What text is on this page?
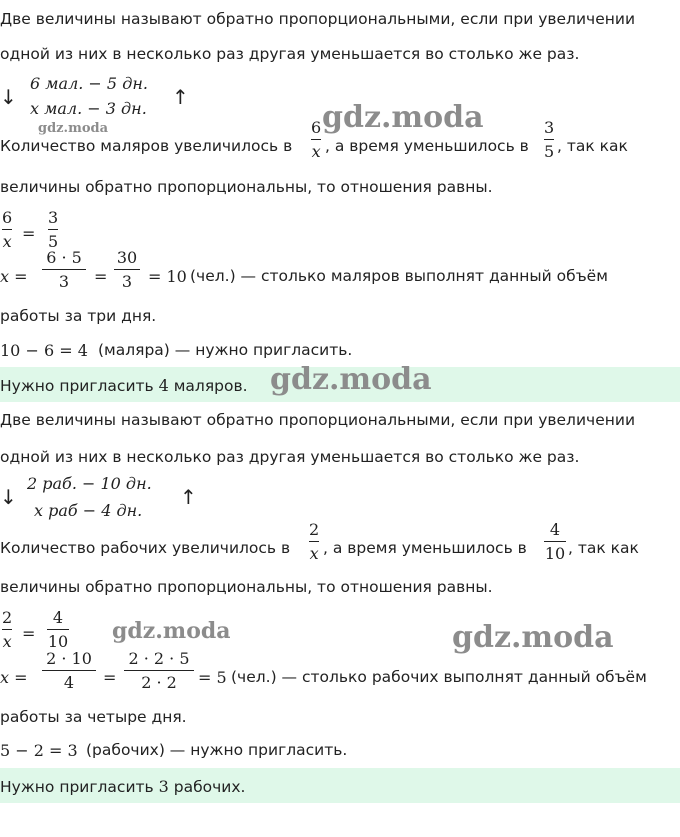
Две величины называют обратно пропорциональными, если при увеличении
одной из них в несколько раз другая уменьшается во столько же раз.
↓
6 мал. − 5 дн.
x мал. − 3 дн. ↑
gdz.moda	gdz.moda
Количество маляров увеличилось в
6
x , а время уменьшилось в
3
5 , так как
величины обратно пропорциональны, то отношения равны.
6
x =
3
5
x =
6 · 5
3	=
30
3 = 10 (чел.) — столько маляров выполнят данный объём
работы за три дня.
10 − 6 = 4 (маляра) — нужно пригласить.
Нужно пригласить 4 маляров. gdz.moda
Две величины называют обратно пропорциональными, если при увеличении
одной из них в несколько раз другая уменьшается во столько же раз.
↓
2 раб. − 10 дн.
x раб − 4 дн.
↑
Количество рабочих увеличилось в
2
x , а время уменьшилось в
4
10 , так как
величины обратно пропорциональны, то отношения равны.
2
x =
4
10 gdz.moda	gdz.moda
x =
2 · 10
4	=
2 · 2 · 5
2 · 2	= 5 (чел.) — столько рабочих выполнят данный объём
работы за четыре дня.
5 − 2 = 3 (рабочих) — нужно пригласить.
Нужно пригласить 3 рабочих.
